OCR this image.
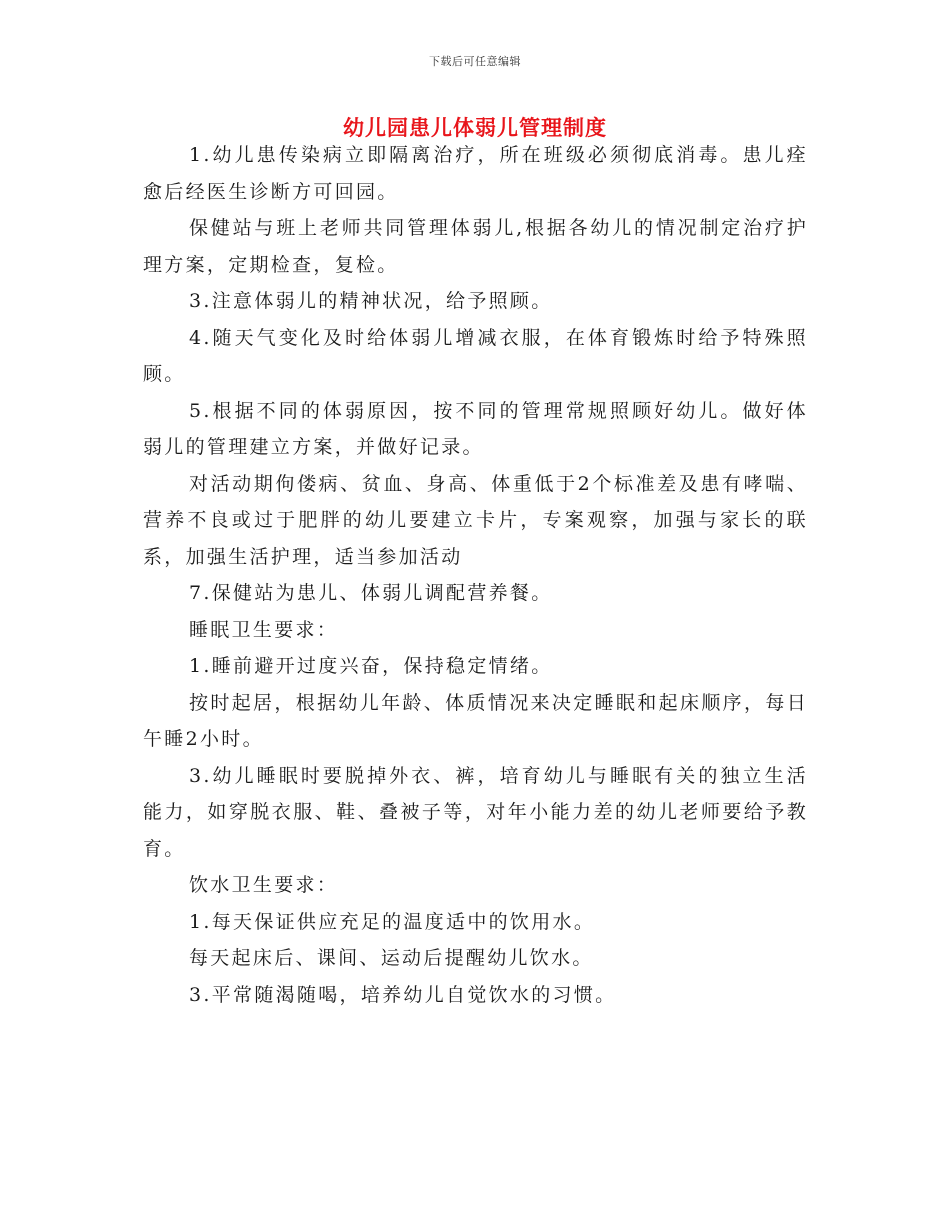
下载后可任意编辑
幼儿园患儿体弱儿管理制度

1.幼儿患传染病立即隔离治疗，所在班级必须彻底消毒。患儿痊愈后经医生诊断方可回园。

保健站与班上老师共同管理体弱儿,根据各幼儿的情况制定治疗护理方案，定期检查，复检。

3.注意体弱儿的精神状况，给予照顾。

4.随天气变化及时给体弱儿增减衣服，在体育锻炼时给予特殊照顾。

5.根据不同的体弱原因，按不同的管理常规照顾好幼儿。做好体弱儿的管理建立方案，并做好记录。

对活动期佝偻病、贫血、身高、体重低于2个标准差及患有哮喘、营养不良或过于肥胖的幼儿要建立卡片，专案观察，加强与家长的联系，加强生活护理，适当参加活动

7.保健站为患儿、体弱儿调配营养餐。

睡眠卫生要求：

1.睡前避开过度兴奋，保持稳定情绪。

按时起居，根据幼儿年龄、体质情况来决定睡眠和起床顺序，每日午睡2小时。

3.幼儿睡眠时要脱掉外衣、裤，培育幼儿与睡眠有关的独立生活能力，如穿脱衣服、鞋、叠被子等，对年小能力差的幼儿老师要给予教育。

饮水卫生要求：

1.每天保证供应充足的温度适中的饮用水。

每天起床后、课间、运动后提醒幼儿饮水。

3.平常随渴随喝，培养幼儿自觉饮水的习惯。
